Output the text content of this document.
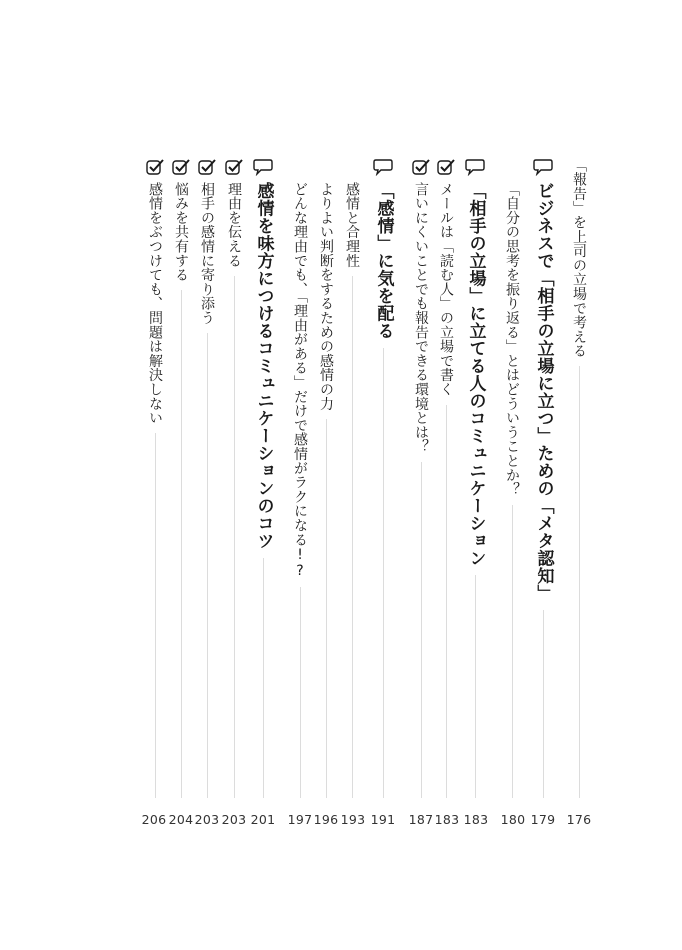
「報告」を上司の立場で考える
176
ビジネスで「相手の立場に立つ」ための「メタ認知」
179
「自分の思考を振り返る」とはどういうことか？
180
「相手の立場」に立てる人のコミュニケーション
183
メールは「読む人」の立場で書く
183
言いにくいことでも報告できる環境とは？
187
「感情」に気を配る
191
感情と合理性
193
よりよい判断をするための感情の力
196
どんな理由でも、「理由がある」だけで感情がラクになる!?
197
感情を味方につけるコミュニケーションのコツ
201
理由を伝える
203
相手の感情に寄り添う
203
悩みを共有する
204
感情をぶつけても、問題は解決しない
206
